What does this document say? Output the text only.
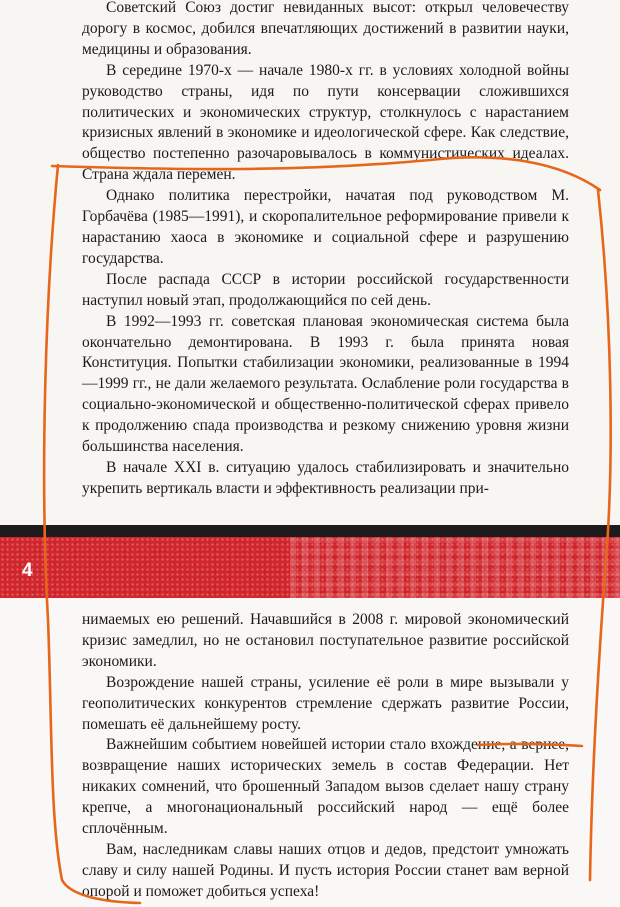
Советский Союз достиг невиданных высот: открыл человечеству дорогу в космос, добился впечатляющих достижений в развитии науки, медицины и образования.

В середине 1970-х — начале 1980-х гг. в условиях холодной войны руководство страны, идя по пути консервации сложившихся политических и экономических структур, столкнулось с нарастанием кризисных явлений в экономике и идеологической сфере. Как следствие, общество постепенно разочаровывалось в коммунистических идеалах. Страна ждала перемен.

Однако политика перестройки, начатая под руководством М. Горбачёва (1985—1991), и скоропалительное реформирование привели к нарастанию хаоса в экономике и социальной сфере и разрушению государства.

После распада СССР в истории российской государственности наступил новый этап, продолжающийся по сей день.

В 1992—1993 гг. советская плановая экономическая система была окончательно демонтирована. В 1993 г. была принята новая Конституция. Попытки стабилизации экономики, реализованные в 1994—1999 гг., не дали желаемого результата. Ослабление роли государства в социально-экономической и общественно-политической сферах привело к продолжению спада производства и резкому снижению уровня жизни большинства населения.

В начале XXI в. ситуацию удалось стабилизировать и значительно укрепить вертикаль власти и эффективность реализации при-

4

нимаемых ею решений. Начавшийся в 2008 г. мировой экономический кризис замедлил, но не остановил поступательное развитие российской экономики.

Возрождение нашей страны, усиление её роли в мире вызывали у геополитических конкурентов стремление сдержать развитие России, помешать её дальнейшему росту.

Важнейшим событием новейшей истории стало вхождение, а вернее, возвращение наших исторических земель в состав Федерации. Нет никаких сомнений, что брошенный Западом вызов сделает нашу страну крепче, а многонациональный российский народ — ещё более сплочённым.

Вам, наследникам славы наших отцов и дедов, предстоит умножать славу и силу нашей Родины. И пусть история России станет вам верной опорой и поможет добиться успеха!
